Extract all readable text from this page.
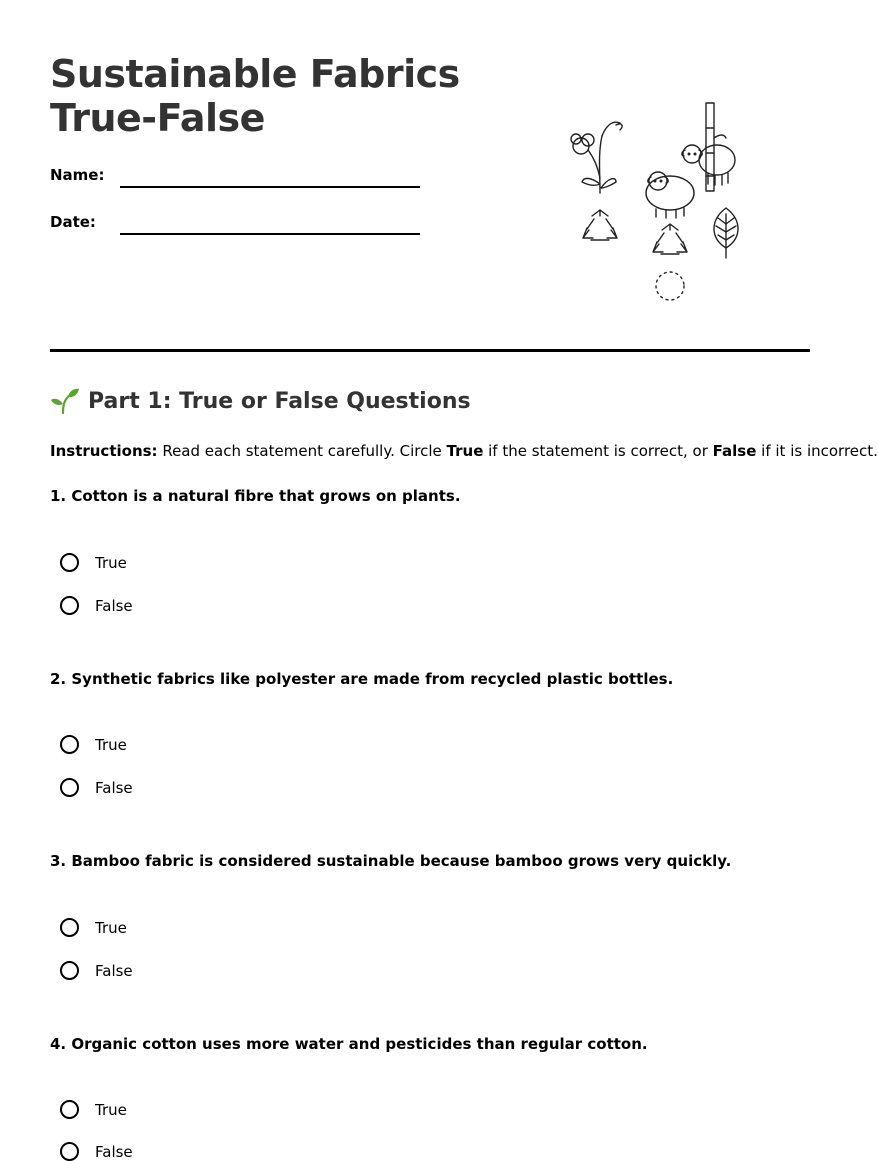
Sustainable Fabrics
True-False
Name:
Date:
Part 1: True or False Questions

Instructions: Read each statement carefully. Circle True if the statement is correct, or False if it is incorrect.

1. Cotton is a natural fibre that grows on plants.
True
False
2. Synthetic fabrics like polyester are made from recycled plastic bottles.
True
False
3. Bamboo fabric is considered sustainable because bamboo grows very quickly.
True
False
4. Organic cotton uses more water and pesticides than regular cotton.
True
False
